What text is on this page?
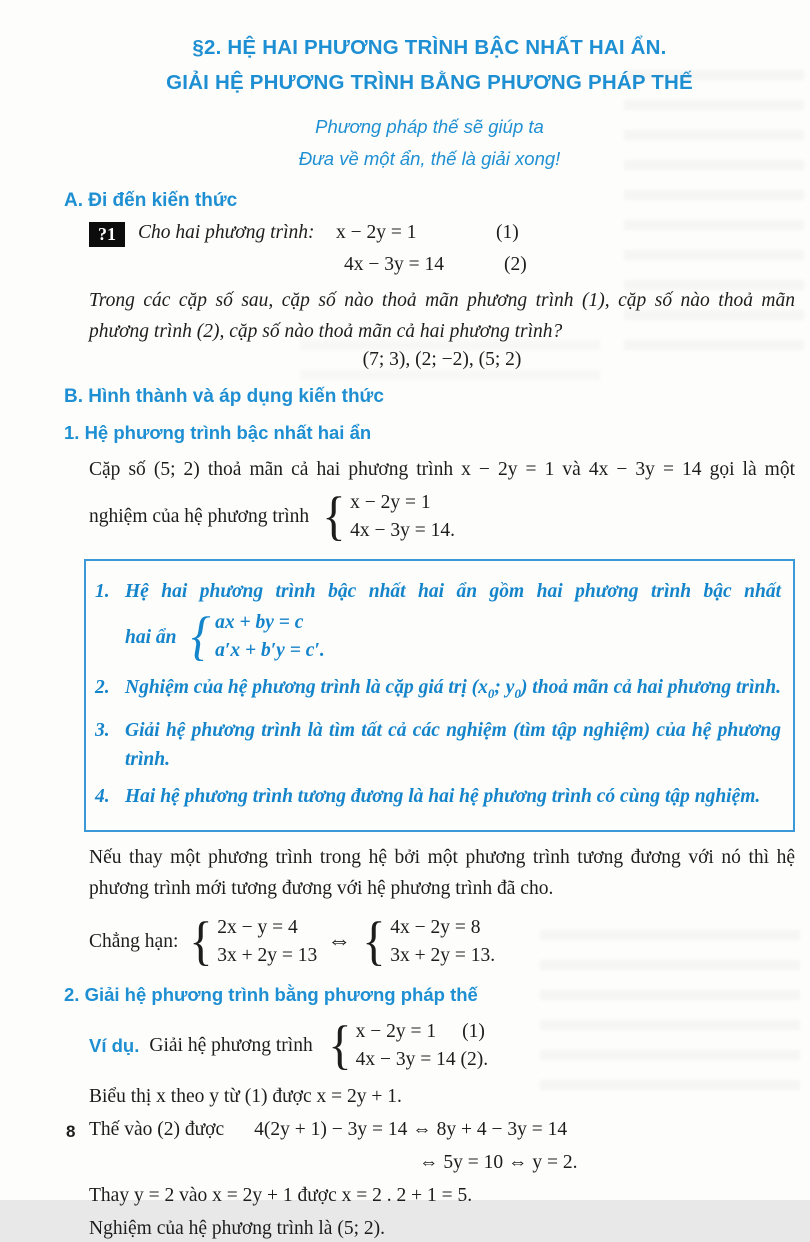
§2. HỆ HAI PHƯƠNG TRÌNH BẬC NHẤT HAI ẨN.
GIẢI HỆ PHƯƠNG TRÌNH BẰNG PHƯƠNG PHÁP THẾ
Phương pháp thế sẽ giúp ta
Đưa về một ẩn, thế là giải xong!
A. Đi đến kiến thức
?1	Cho hai phương trình:	x − 2y = 1	(1)
4x − 3y = 14	(2)
Trong các cặp số sau, cặp số nào thoả mãn phương trình (1), cặp số nào thoả mãn phương trình (2), cặp số nào thoả mãn cả hai phương trình?
(7; 3), (2; −2), (5; 2)
B. Hình thành và áp dụng kiến thức
1. Hệ phương trình bậc nhất hai ẩn
Cặp số (5; 2) thoả mãn cả hai phương trình x − 2y = 1 và 4x − 3y = 14 gọi là một
nghiệm của hệ phương trình { x − 2y = 1
4x − 3y = 14.
1. Hệ hai phương trình bậc nhất hai ẩn gồm hai phương trình bậc nhất
hai ẩn { ax + by = c
a′x + b′y = c′.
2. Nghiệm của hệ phương trình là cặp giá trị ($x_0$; $y_0$) thoả mãn cả hai phương trình.
3. Giải hệ phương trình là tìm tất cả các nghiệm (tìm tập nghiệm) của hệ phương trình.
4. Hai hệ phương trình tương đương là hai hệ phương trình có cùng tập nghiệm.
Nếu thay một phương trình trong hệ bởi một phương trình tương đương với nó thì hệ phương trình mới tương đương với hệ phương trình đã cho.
Chẳng hạn: { 2x − y = 4
3x + 2y = 13
⇔ { 4x − 2y = 8
3x + 2y = 13.
2. Giải hệ phương trình bằng phương pháp thế
Ví dụ. Giải hệ phương trình { x − 2y = 1 (1)
4x − 3y = 14 (2).
Biểu thị x theo y từ (1) được x = 2y + 1.
Thế vào (2) được 4(2y + 1) − 3y = 14 ⇔ 8y + 4 − 3y = 14
⇔ 5y = 10 ⇔ y = 2.
Thay y = 2 vào x = 2y + 1 được x = 2 . 2 + 1 = 5.
Nghiệm của hệ phương trình là (5; 2).
8
